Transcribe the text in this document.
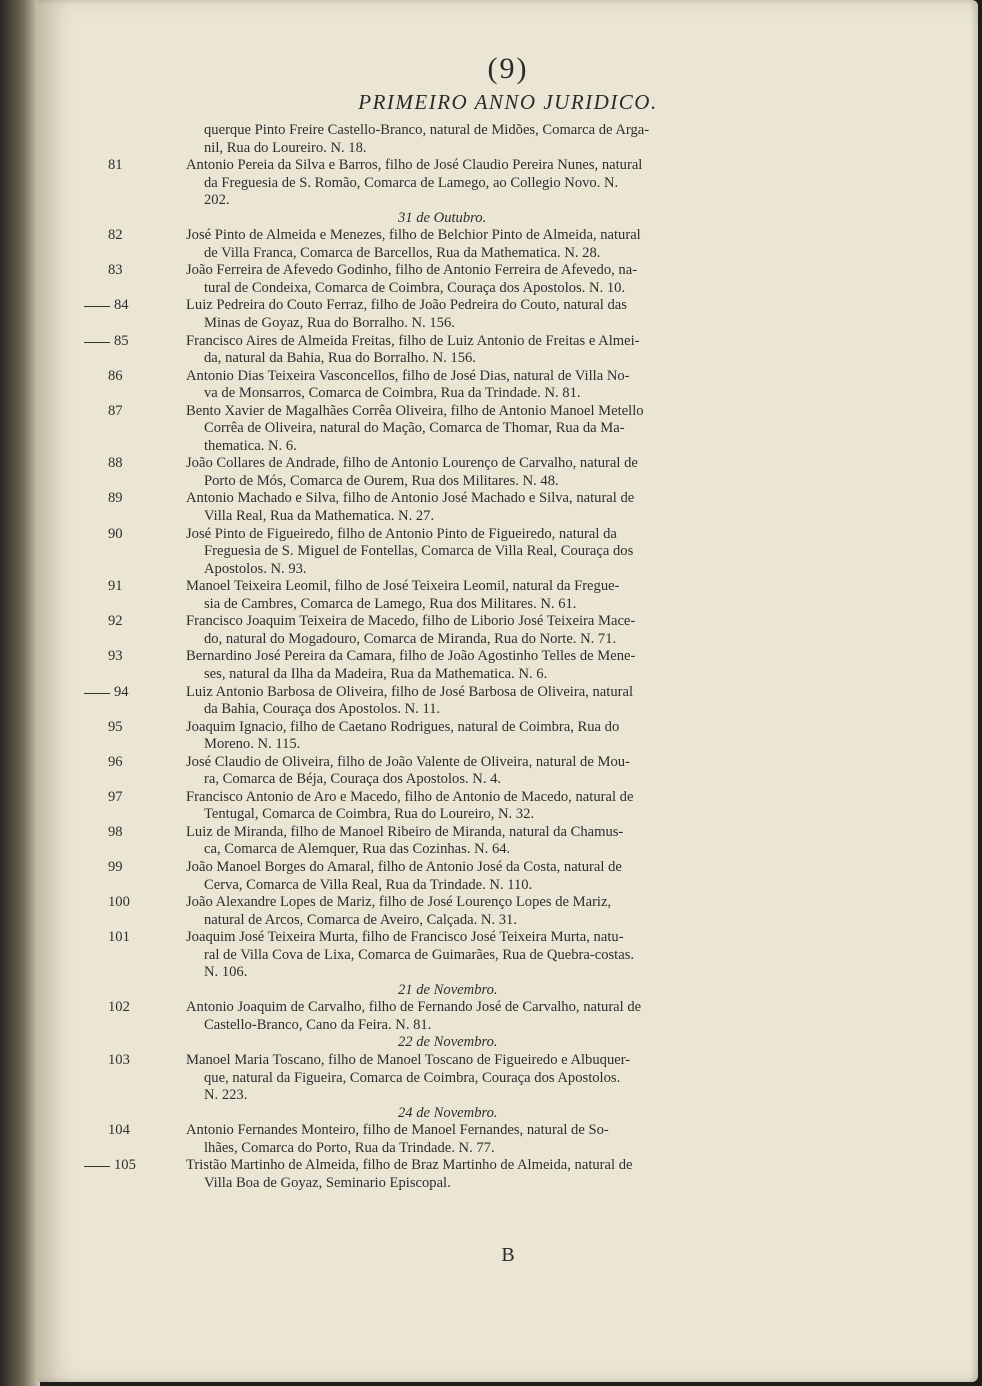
(9)
PRIMEIRO ANNO JURIDICO.
querque Pinto Freire Castello-Branco, natural de Midões, Comarca de Arga-
nil, Rua do Loureiro. N. 18.
81	Antonio Pereia da Silva e Barros, filho de José Claudio Pereira Nunes, natural
da Freguesia de S. Romão, Comarca de Lamego, ao Collegio Novo. N.
202.
31 de Outubro.
82	José Pinto de Almeida e Menezes, filho de Belchior Pinto de Almeida, natural
de Villa Franca, Comarca de Barcellos, Rua da Mathematica. N. 28.
83	João Ferreira de Afevedo Godinho, filho de Antonio Ferreira de Afevedo, na-
tural de Condeixa, Comarca de Coimbra, Couraça dos Apostolos. N. 10.
84	Luiz Pedreira do Couto Ferraz, filho de João Pedreira do Couto, natural das
Minas de Goyaz, Rua do Borralho. N. 156.
85	Francisco Aires de Almeida Freitas, filho de Luiz Antonio de Freitas e Almei-
da, natural da Bahia, Rua do Borralho. N. 156.
86	Antonio Dias Teixeira Vasconcellos, filho de José Dias, natural de Villa No-
va de Monsarros, Comarca de Coimbra, Rua da Trindade. N. 81.
87	Bento Xavier de Magalhães Corrêa Oliveira, filho de Antonio Manoel Metello
Corrêa de Oliveira, natural do Mação, Comarca de Thomar, Rua da Ma-
thematica. N. 6.
88	João Collares de Andrade, filho de Antonio Lourenço de Carvalho, natural de
Porto de Mós, Comarca de Ourem, Rua dos Militares. N. 48.
89	Antonio Machado e Silva, filho de Antonio José Machado e Silva, natural de
Villa Real, Rua da Mathematica. N. 27.
90	José Pinto de Figueiredo, filho de Antonio Pinto de Figueiredo, natural da
Freguesia de S. Miguel de Fontellas, Comarca de Villa Real, Couraça dos
Apostolos. N. 93.
91	Manoel Teixeira Leomil, filho de José Teixeira Leomil, natural da Fregue-
sia de Cambres, Comarca de Lamego, Rua dos Militares. N. 61.
92	Francisco Joaquim Teixeira de Macedo, filho de Liborio José Teixeira Mace-
do, natural do Mogadouro, Comarca de Miranda, Rua do Norte. N. 71.
93	Bernardino José Pereira da Camara, filho de João Agostinho Telles de Mene-
ses, natural da Ilha da Madeira, Rua da Mathematica. N. 6.
94	Luiz Antonio Barbosa de Oliveira, filho de José Barbosa de Oliveira, natural
da Bahia, Couraça dos Apostolos. N. 11.
95	Joaquim Ignacio, filho de Caetano Rodrigues, natural de Coimbra, Rua do
Moreno. N. 115.
96	José Claudio de Oliveira, filho de João Valente de Oliveira, natural de Mou-
ra, Comarca de Béja, Couraça dos Apostolos. N. 4.
97	Francisco Antonio de Aro e Macedo, filho de Antonio de Macedo, natural de
Tentugal, Comarca de Coimbra, Rua do Loureiro, N. 32.
98	Luiz de Miranda, filho de Manoel Ribeiro de Miranda, natural da Chamus-
ca, Comarca de Alemquer, Rua das Cozinhas. N. 64.
99	João Manoel Borges do Amaral, filho de Antonio José da Costa, natural de
Cerva, Comarca de Villa Real, Rua da Trindade. N. 110.
100	João Alexandre Lopes de Mariz, filho de José Lourenço Lopes de Mariz,
natural de Arcos, Comarca de Aveiro, Calçada. N. 31.
101	Joaquim José Teixeira Murta, filho de Francisco José Teixeira Murta, natu-
ral de Villa Cova de Lixa, Comarca de Guimarães, Rua de Quebra-costas.
N. 106.
21 de Novembro.
102	Antonio Joaquim de Carvalho, filho de Fernando José de Carvalho, natural de
Castello-Branco, Cano da Feira. N. 81.
22 de Novembro.
103	Manoel Maria Toscano, filho de Manoel Toscano de Figueiredo e Albuquer-
que, natural da Figueira, Comarca de Coimbra, Couraça dos Apostolos.
N. 223.
24 de Novembro.
104	Antonio Fernandes Monteiro, filho de Manoel Fernandes, natural de So-
lhães, Comarca do Porto, Rua da Trindade. N. 77.
105	Tristão Martinho de Almeida, filho de Braz Martinho de Almeida, natural de
Villa Boa de Goyaz, Seminario Episcopal.
B
